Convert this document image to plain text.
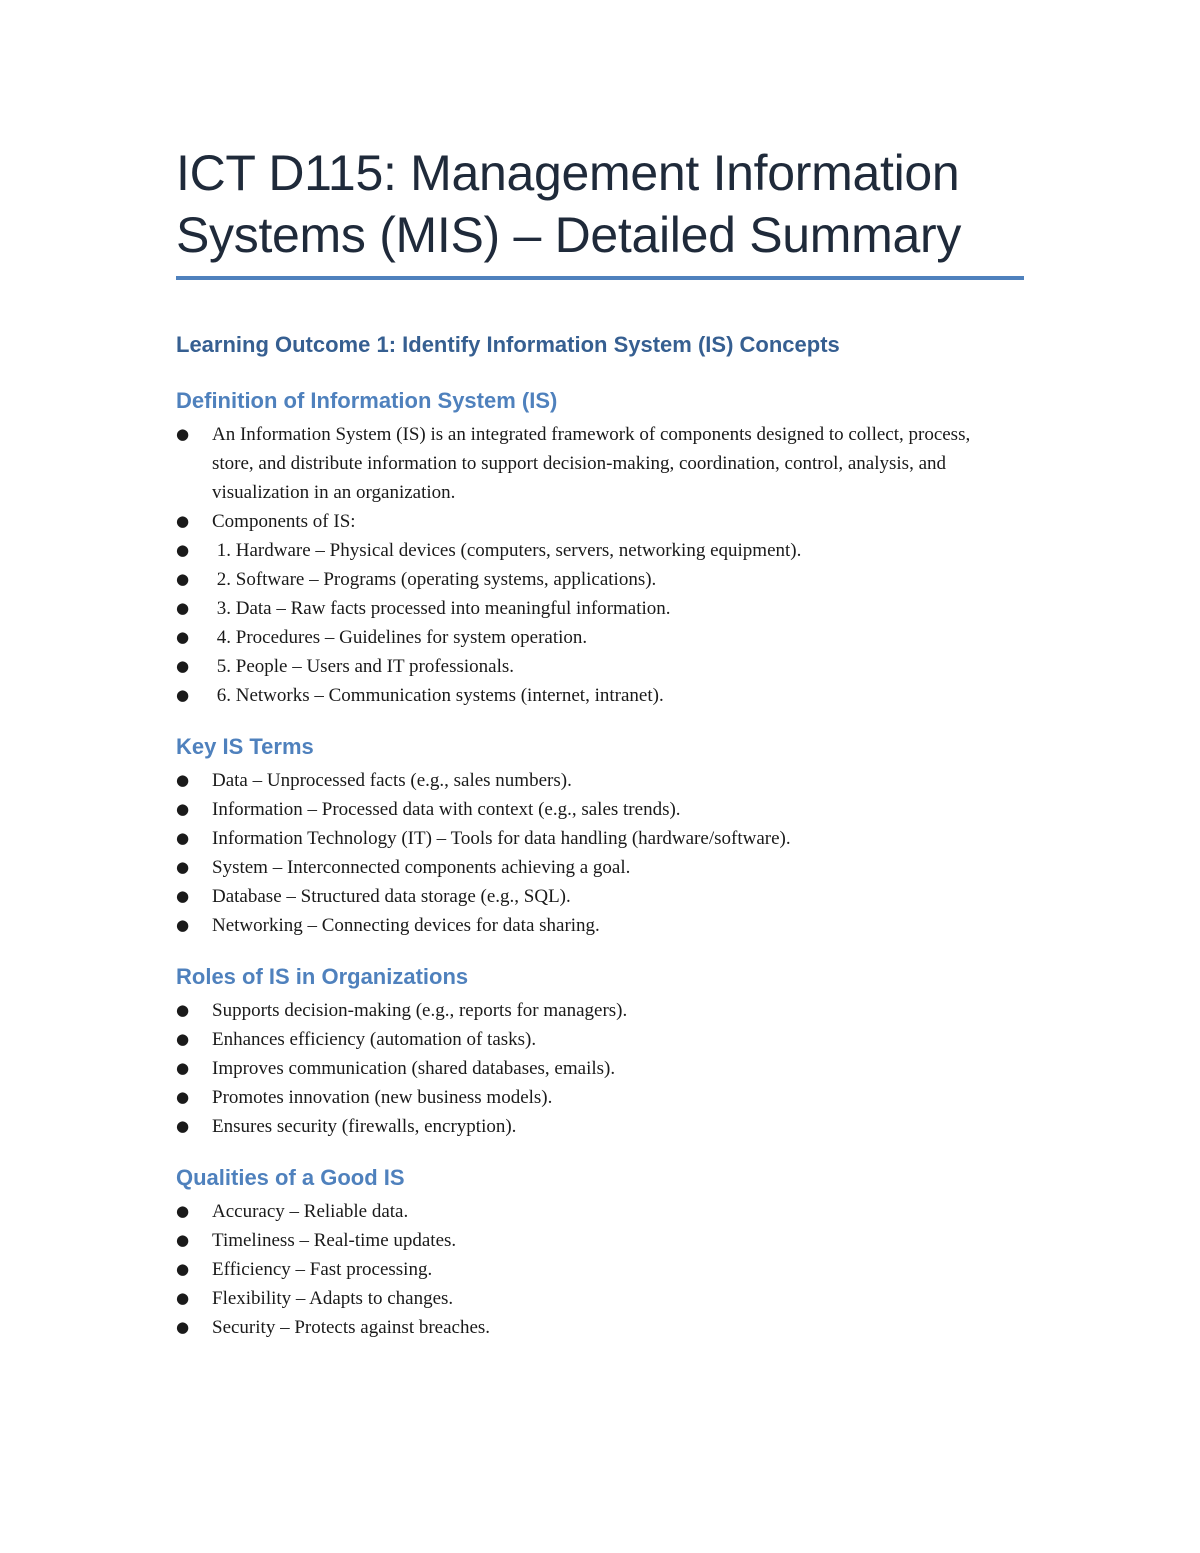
ICT D115: Management Information
Systems (MIS) – Detailed Summary
Learning Outcome 1: Identify Information System (IS) Concepts
Definition of Information System (IS)
●
An Information System (IS) is an integrated framework of components designed to collect, process, store, and distribute information to support decision-making, coordination, control, analysis, and visualization in an organization.
●
Components of IS:
●
1. Hardware – Physical devices (computers, servers, networking equipment).
●
2. Software – Programs (operating systems, applications).
●
3. Data – Raw facts processed into meaningful information.
●
4. Procedures – Guidelines for system operation.
●
5. People – Users and IT professionals.
●
6. Networks – Communication systems (internet, intranet).
Key IS Terms
●
Data – Unprocessed facts (e.g., sales numbers).
●
Information – Processed data with context (e.g., sales trends).
●
Information Technology (IT) – Tools for data handling (hardware/software).
●
System – Interconnected components achieving a goal.
●
Database – Structured data storage (e.g., SQL).
●
Networking – Connecting devices for data sharing.
Roles of IS in Organizations
●
Supports decision-making (e.g., reports for managers).
●
Enhances efficiency (automation of tasks).
●
Improves communication (shared databases, emails).
●
Promotes innovation (new business models).
●
Ensures security (firewalls, encryption).
Qualities of a Good IS
●
Accuracy – Reliable data.
●
Timeliness – Real-time updates.
●
Efficiency – Fast processing.
●
Flexibility – Adapts to changes.
●
Security – Protects against breaches.
